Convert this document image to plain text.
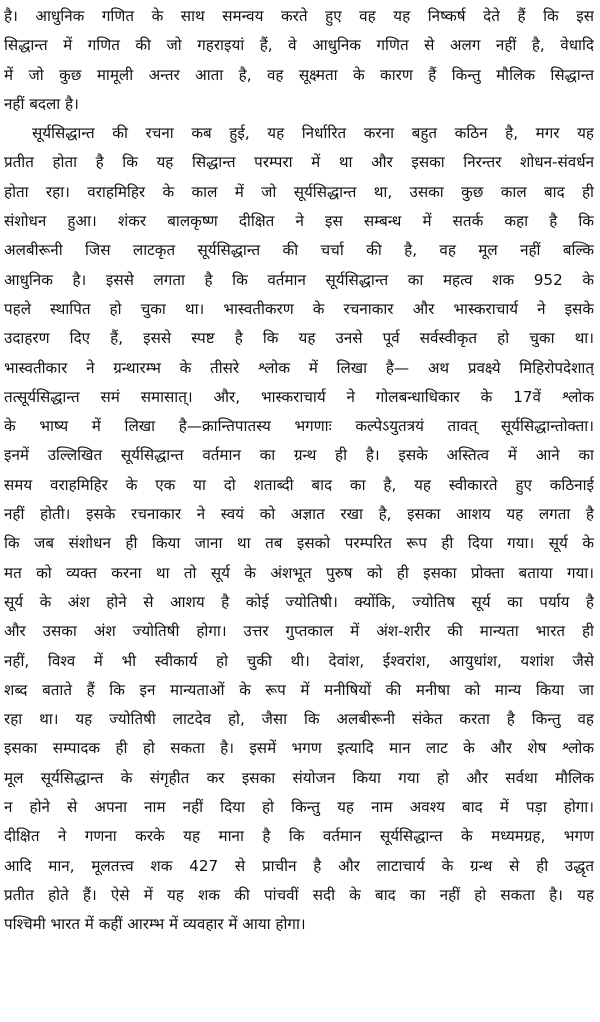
है। आधुनिक गणित के साथ समन्वय करते हुए वह यह निष्कर्ष देते हैं कि इस
सिद्धान्त में गणित की जो गहराइयां हैं, वे आधुनिक गणित से अलग नहीं है, वेधादि
में जो कुछ मामूली अन्तर आता है, वह सूक्ष्मता के कारण हैं किन्तु मौलिक सिद्धान्त
नहीं बदला है।
सूर्यसिद्धान्त की रचना कब हुई, यह निर्धारित करना बहुत कठिन है, मगर यह
प्रतीत होता है कि यह सिद्धान्त परम्परा में था और इसका निरन्तर शोधन-संवर्धन
होता रहा। वराहमिहिर के काल में जो सूर्यसिद्धान्त था, उसका कुछ काल बाद ही
संशोधन हुआ। शंकर बालकृष्ण दीक्षित ने इस सम्बन्ध में सतर्क कहा है कि
अलबीरूनी जिस लाटकृत सूर्यसिद्धान्त की चर्चा की है, वह मूल नहीं बल्कि
आधुनिक है। इससे लगता है कि वर्तमान सूर्यसिद्धान्त का महत्व शक 952 के
पहले स्थापित हो चुका था। भास्वतीकरण के रचनाकार और भास्कराचार्य ने इसके
उदाहरण दिए हैं, इससे स्पष्ट है कि यह उनसे पूर्व सर्वस्वीकृत हो चुका था।
भास्वतीकार ने ग्रन्थारम्भ के तीसरे श्लोक में लिखा है— अथ प्रवक्ष्ये मिहिरोपदेशात्
तत्सूर्यसिद्धान्त समं समासात्। और, भास्कराचार्य ने गोलबन्धाधिकार के 17वें श्लोक
के भाष्य में लिखा है—क्रान्तिपातस्य भगणाः कल्पेऽयुतत्रयं तावत् सूर्यसिद्धान्तोक्ता।
इनमें उल्लिखित सूर्यसिद्धान्त वर्तमान का ग्रन्थ ही है। इसके अस्तित्व में आने का
समय वराहमिहिर के एक या दो शताब्दी बाद का है, यह स्वीकारते हुए कठिनाई
नहीं होती। इसके रचनाकार ने स्वयं को अज्ञात रखा है, इसका आशय यह लगता है
कि जब संशोधन ही किया जाना था तब इसको परम्परित रूप ही दिया गया। सूर्य के
मत को व्यक्त करना था तो सूर्य के अंशभूत पुरुष को ही इसका प्रोक्ता बताया गया।
सूर्य के अंश होने से आशय है कोई ज्योतिषी। क्योंकि, ज्योतिष सूर्य का पर्याय है
और उसका अंश ज्योतिषी होगा। उत्तर गुप्तकाल में अंश-शरीर की मान्यता भारत ही
नहीं, विश्व में भी स्वीकार्य हो चुकी थी। देवांश, ईश्वरांश, आयुधांश, यशांश जैसे
शब्द बताते हैं कि इन मान्यताओं के रूप में मनीषियों की मनीषा को मान्य किया जा
रहा था। यह ज्योतिषी लाटदेव हो, जैसा कि अलबीरूनी संकेत करता है किन्तु वह
इसका सम्पादक ही हो सकता है। इसमें भगण इत्यादि मान लाट के और शेष श्लोक
मूल सूर्यसिद्धान्त के संगृहीत कर इसका संयोजन किया गया हो और सर्वथा मौलिक
न होने से अपना नाम नहीं दिया हो किन्तु यह नाम अवश्य बाद में पड़ा होगा।
दीक्षित ने गणना करके यह माना है कि वर्तमान सूर्यसिद्धान्त के मध्यमग्रह, भगण
आदि मान, मूलतत्त्व शक 427 से प्राचीन है और लाटाचार्य के ग्रन्थ से ही उद्धृत
प्रतीत होते हैं। ऐसे में यह शक की पांचवीं सदी के बाद का नहीं हो सकता है। यह
पश्चिमी भारत में कहीं आरम्भ में व्यवहार में आया होगा।
